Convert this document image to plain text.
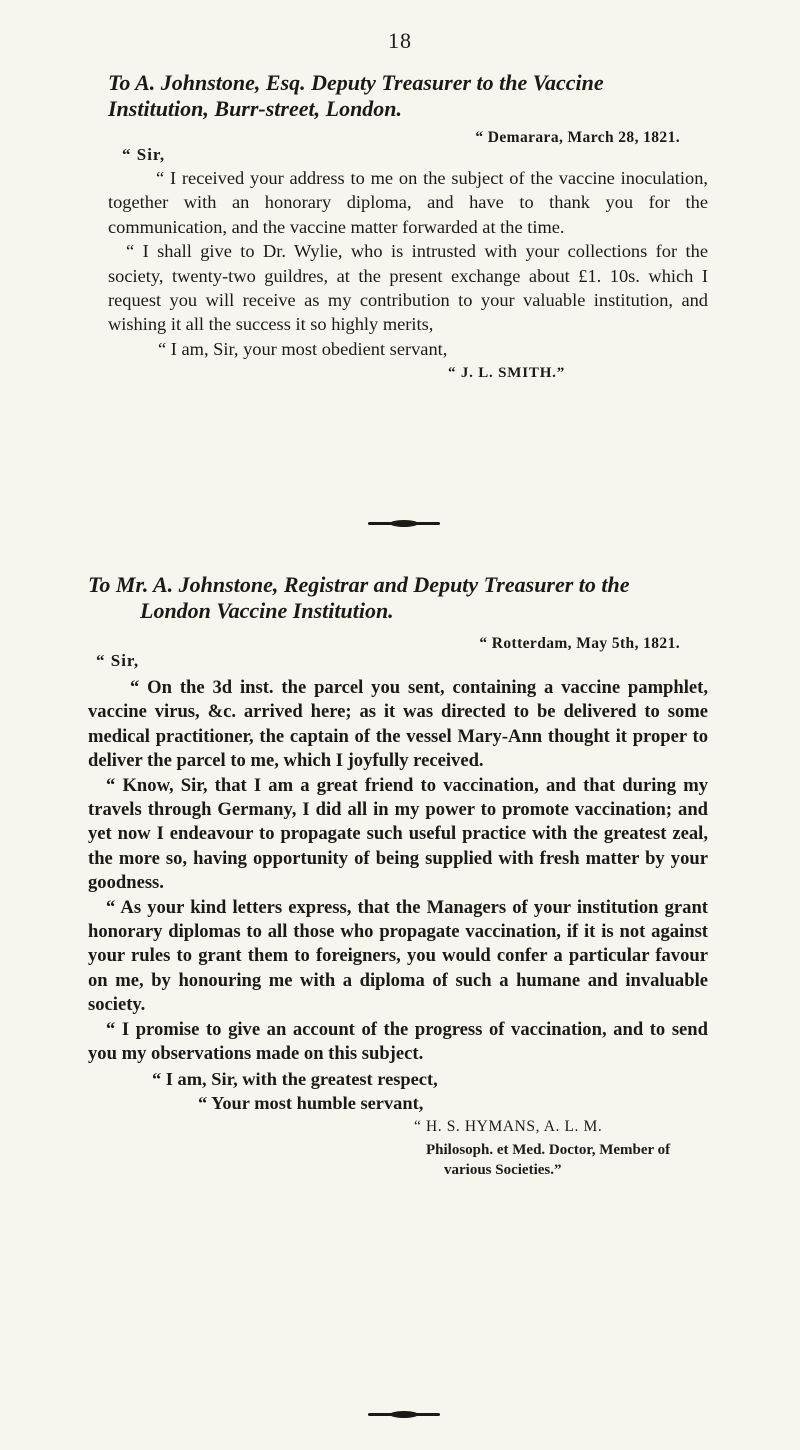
18

To A. Johnstone, Esq. Deputy Treasurer to the Vaccine

Institution, Burr-street, London.

“ Demarara, March 28, 1821.
“ Sir,

“ I received your address to me on the subject of the vaccine inoculation, together with an honorary diploma, and have to thank you for the communication, and the vaccine matter forwarded at the time.

“ I shall give to Dr. Wylie, who is intrusted with your collections for the society, twenty-two guildres, at the present exchange about £1. 10s. which I request you will receive as my contribution to your valuable institution, and wishing it all the success it so highly merits,

“ I am, Sir, your most obedient servant,
“ J. L. SMITH.”

To Mr. A. Johnstone, Registrar and Deputy Treasurer to the
London Vaccine Institution.

“ Rotterdam, May 5th, 1821.
“ Sir,

“ On the 3d inst. the parcel you sent, containing a vaccine pamphlet, vaccine virus, &c. arrived here; as it was directed to be delivered to some medical practitioner, the captain of the vessel Mary-Ann thought it proper to deliver the parcel to me, which I joyfully received.

“ Know, Sir, that I am a great friend to vaccination, and that during my travels through Germany, I did all in my power to promote vaccination; and yet now I endeavour to propagate such useful practice with the greatest zeal, the more so, having opportunity of being supplied with fresh matter by your goodness.

“ As your kind letters express, that the Managers of your institution grant honorary diplomas to all those who propagate vaccination, if it is not against your rules to grant them to foreigners, you would confer a particular favour on me, by honouring me with a diploma of such a humane and invaluable society.

“ I promise to give an account of the progress of vaccination, and to send you my observations made on this subject.

“ I am, Sir, with the greatest respect,
“ Your most humble servant,
“ H. S. HYMANS, A. L. M.
Philosoph. et Med. Doctor, Member of
various Societies.”
